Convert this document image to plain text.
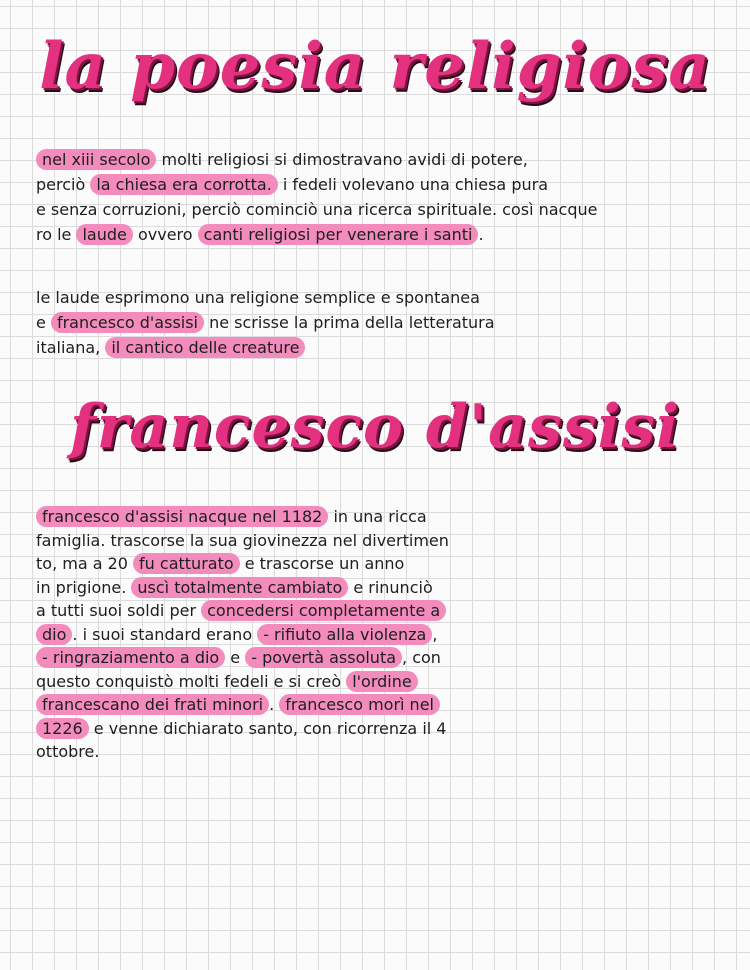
la poesia religiosa
nel xiii secolo molti religiosi si dimostravano avidi di potere,
perciò la chiesa era corrotta. i fedeli volevano una chiesa pura
e senza corruzioni, perciò cominciò una ricerca spirituale. così nacque
ro le laude ovvero canti religiosi per venerare i santi .
le laude esprimono una religione semplice e spontanea
e francesco d'assisi ne scrisse la prima della letteratura
italiana, il cantico delle creature
francesco d'assisi
francesco d'assisi nacque nel 1182 in una ricca
famiglia. trascorse la sua giovinezza nel divertimen
to, ma a 20 fu catturato e trascorse un anno
in prigione. uscì totalmente cambiato e rinunciò
a tutti suoi soldi per concedersi completamente a
dio . i suoi standard erano - rifiuto alla violenza ,
- ringraziamento a dio e - povertà assoluta , con
questo conquistò molti fedeli e si creò l'ordine
francescano dei frati minori . francesco morì nel
1226 e venne dichiarato santo, con ricorrenza il 4
ottobre.
